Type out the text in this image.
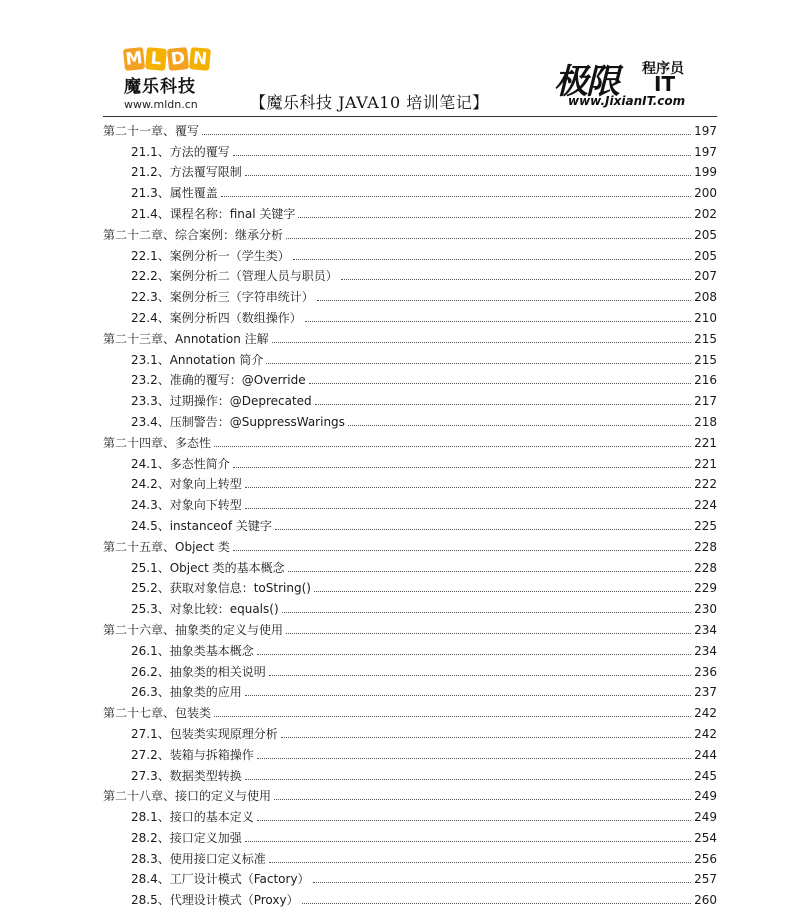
M L D N
魔乐科技
www.mldn.cn	【魔乐科技 JAVA10 培训笔记】
极限 程序员
IT
www.JixianIT.com
第二十一章、覆写	197
21.1、方法的覆写	197
21.2、方法覆写限制	199
21.3、属性覆盖	200
21.4、课程名称：final 关键字	202
第二十二章、综合案例：继承分析	205
22.1、案例分析一（学生类）	205
22.2、案例分析二（管理人员与职员）	207
22.3、案例分析三（字符串统计）	208
22.4、案例分析四（数组操作）	210
第二十三章、Annotation 注解	215
23.1、Annotation 简介	215
23.2、准确的覆写：@Override	216
23.3、过期操作：@Deprecated	217
23.4、压制警告：@SuppressWarings	218
第二十四章、多态性	221
24.1、多态性简介	221
24.2、对象向上转型	222
24.3、对象向下转型	224
24.5、instanceof 关键字	225
第二十五章、Object 类	228
25.1、Object 类的基本概念	228
25.2、获取对象信息：toString()	229
25.3、对象比较：equals()	230
第二十六章、抽象类的定义与使用	234
26.1、抽象类基本概念	234
26.2、抽象类的相关说明	236
26.3、抽象类的应用	237
第二十七章、包装类	242
27.1、包装类实现原理分析	242
27.2、装箱与拆箱操作	244
27.3、数据类型转换	245
第二十八章、接口的定义与使用	249
28.1、接口的基本定义	249
28.2、接口定义加强	254
28.3、使用接口定义标准	256
28.4、工厂设计模式（Factory）	257
28.5、代理设计模式（Proxy）	260
